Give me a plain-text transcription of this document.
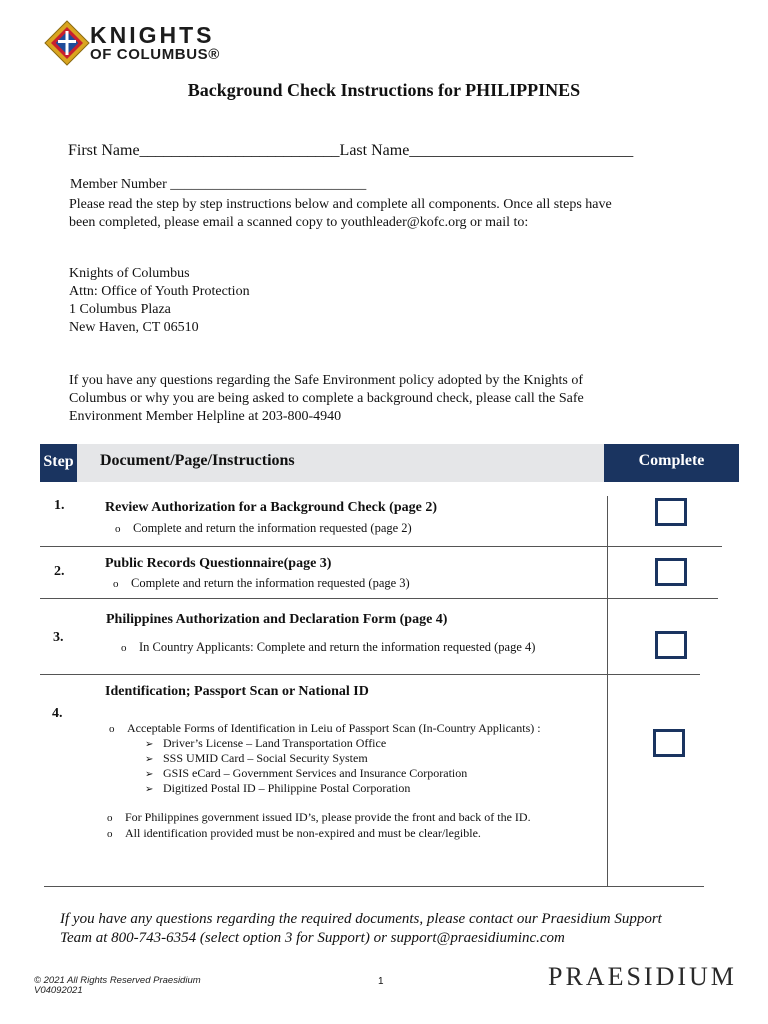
KNIGHTS
OF COLUMBUS®
Background Check Instructions for PHILIPPINES
First Name_________________________Last Name____________________________
Member Number ____________________________
Please read the step by step instructions below and complete all components. Once all steps have
been completed, please email a scanned copy to youthleader@kofc.org or mail to:
Knights of Columbus
Attn: Office of Youth Protection
1 Columbus Plaza
New Haven, CT 06510
If you have any questions regarding the Safe Environment policy adopted by the Knights of
Columbus or why you are being asked to complete a background check, please call the Safe
Environment Member Helpline at 203-800-4940
Step Document/Page/Instructions	Complete
1.	Review Authorization for a Background Check (page 2)
o Complete and return the information requested (page 2)
2.
Public Records Questionnaire(page 3)
o Complete and return the information requested (page 3)
3.
Philippines Authorization and Declaration Form (page 4)
o In Country Applicants: Complete and return the information requested (page 4)
4.
Identification; Passport Scan or National ID
o Acceptable Forms of Identification in Leiu of Passport Scan (In-Country Applicants) :
➢ Driver’s License – Land Transportation Office
➢ SSS UMID Card – Social Security System
➢ GSIS eCard – Government Services and Insurance Corporation
➢ Digitized Postal ID – Philippine Postal Corporation
o For Philippines government issued ID’s, please provide the front and back of the ID.
o All identification provided must be non-expired and must be clear/legible.
If you have any questions regarding the required documents, please contact our Praesidium Support
Team at 800-743-6354 (select option 3 for Support) or support@praesidiuminc.com
© 2021 All Rights Reserved Praesidium
V04092021
1	PRAESIDIUM
